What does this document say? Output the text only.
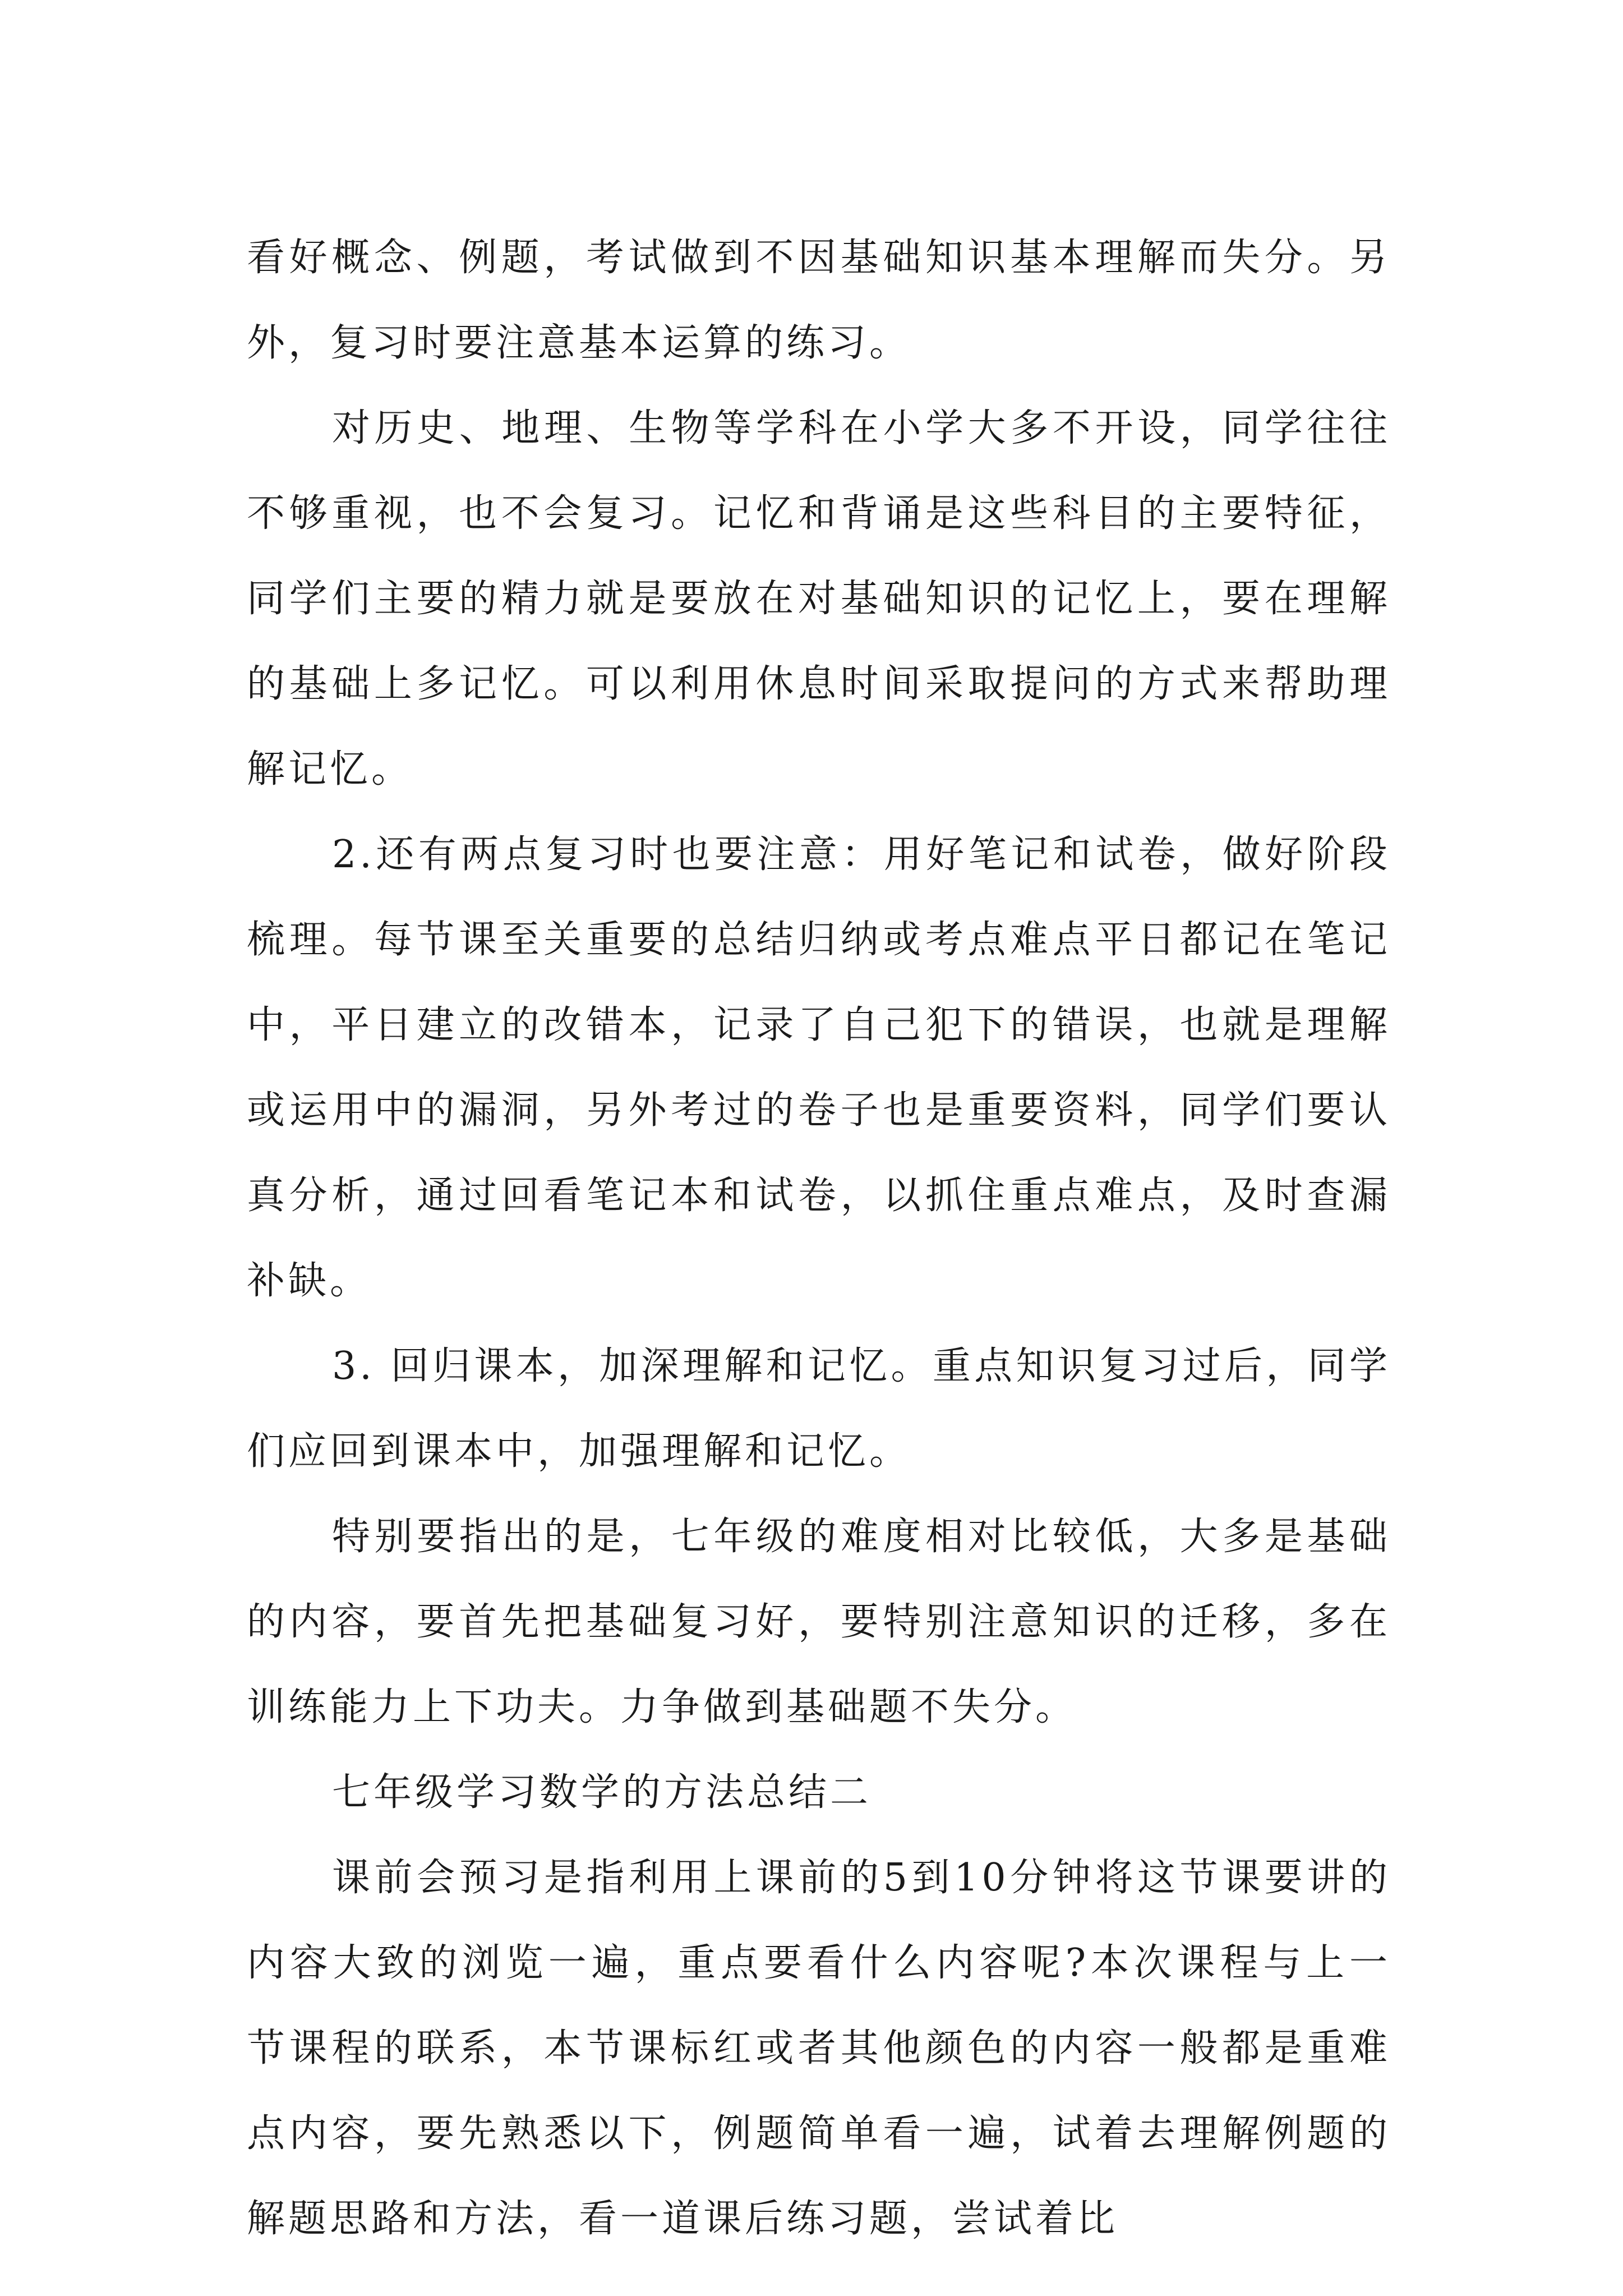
看好概念、例题，考试做到不因基础知识基本理解而失分。另外，复习时要注意基本运算的练习。

对历史、地理、生物等学科在小学大多不开设，同学往往不够重视，也不会复习。记忆和背诵是这些科目的主要特征，同学们主要的精力就是要放在对基础知识的记忆上，要在理解的基础上多记忆。可以利用休息时间采取提问的方式来帮助理解记忆。

2.还有两点复习时也要注意：用好笔记和试卷，做好阶段梳理。每节课至关重要的总结归纳或考点难点平日都记在笔记中，平日建立的改错本，记录了自己犯下的错误，也就是理解或运用中的漏洞，另外考过的卷子也是重要资料，同学们要认真分析，通过回看笔记本和试卷，以抓住重点难点，及时查漏补缺。

3. 回归课本，加深理解和记忆。重点知识复习过后，同学们应回到课本中，加强理解和记忆。

特别要指出的是，七年级的难度相对比较低，大多是基础的内容，要首先把基础复习好，要特别注意知识的迁移，多在训练能力上下功夫。力争做到基础题不失分。

七年级学习数学的方法总结二

课前会预习是指利用上课前的5到10分钟将这节课要讲的内容大致的浏览一遍，重点要看什么内容呢?本次课程与上一节课程的联系，本节课标红或者其他颜色的内容一般都是重难点内容，要先熟悉以下，例题简单看一遍，试着去理解例题的解题思路和方法，看一道课后练习题，尝试着比
